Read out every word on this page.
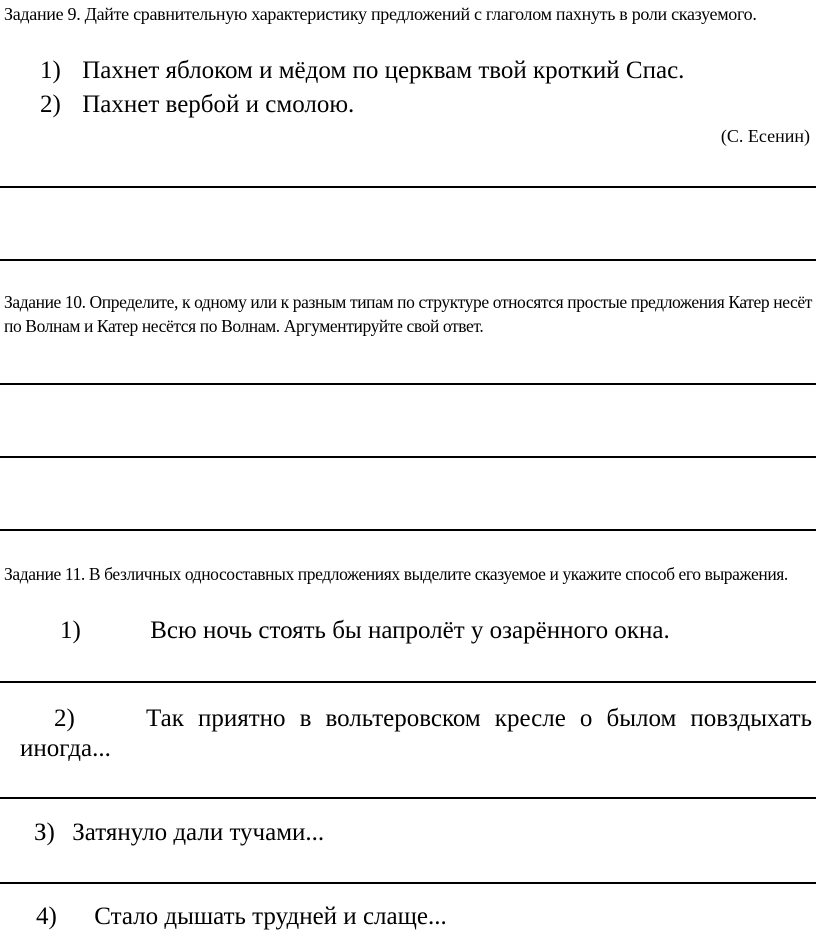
Задание 9. Дайте сравнительную характеристику предложений с глаголом пахнуть в роли сказуемого.
1) Пахнет яблоком и мёдом по церквам твой кроткий Спас.
2) Пахнет вербой и смолою.
(С. Есенин)
Задание 10. Определите, к одному или к разным типам по структуре относятся простые предложения Катер несёт по Волнам и Катер несётся по Волнам. Аргументируйте свой ответ.
Задание 11. В безличных односоставных предложениях выделите сказуемое и укажите способ его выражения.
1)	Всю ночь стоять бы напролёт у озарённого окна.
2)	Так приятно в вольтеровском кресле о былом повздыхать иногда...
З) Затянуло дали тучами...
4) Стало дышать трудней и слаще...
